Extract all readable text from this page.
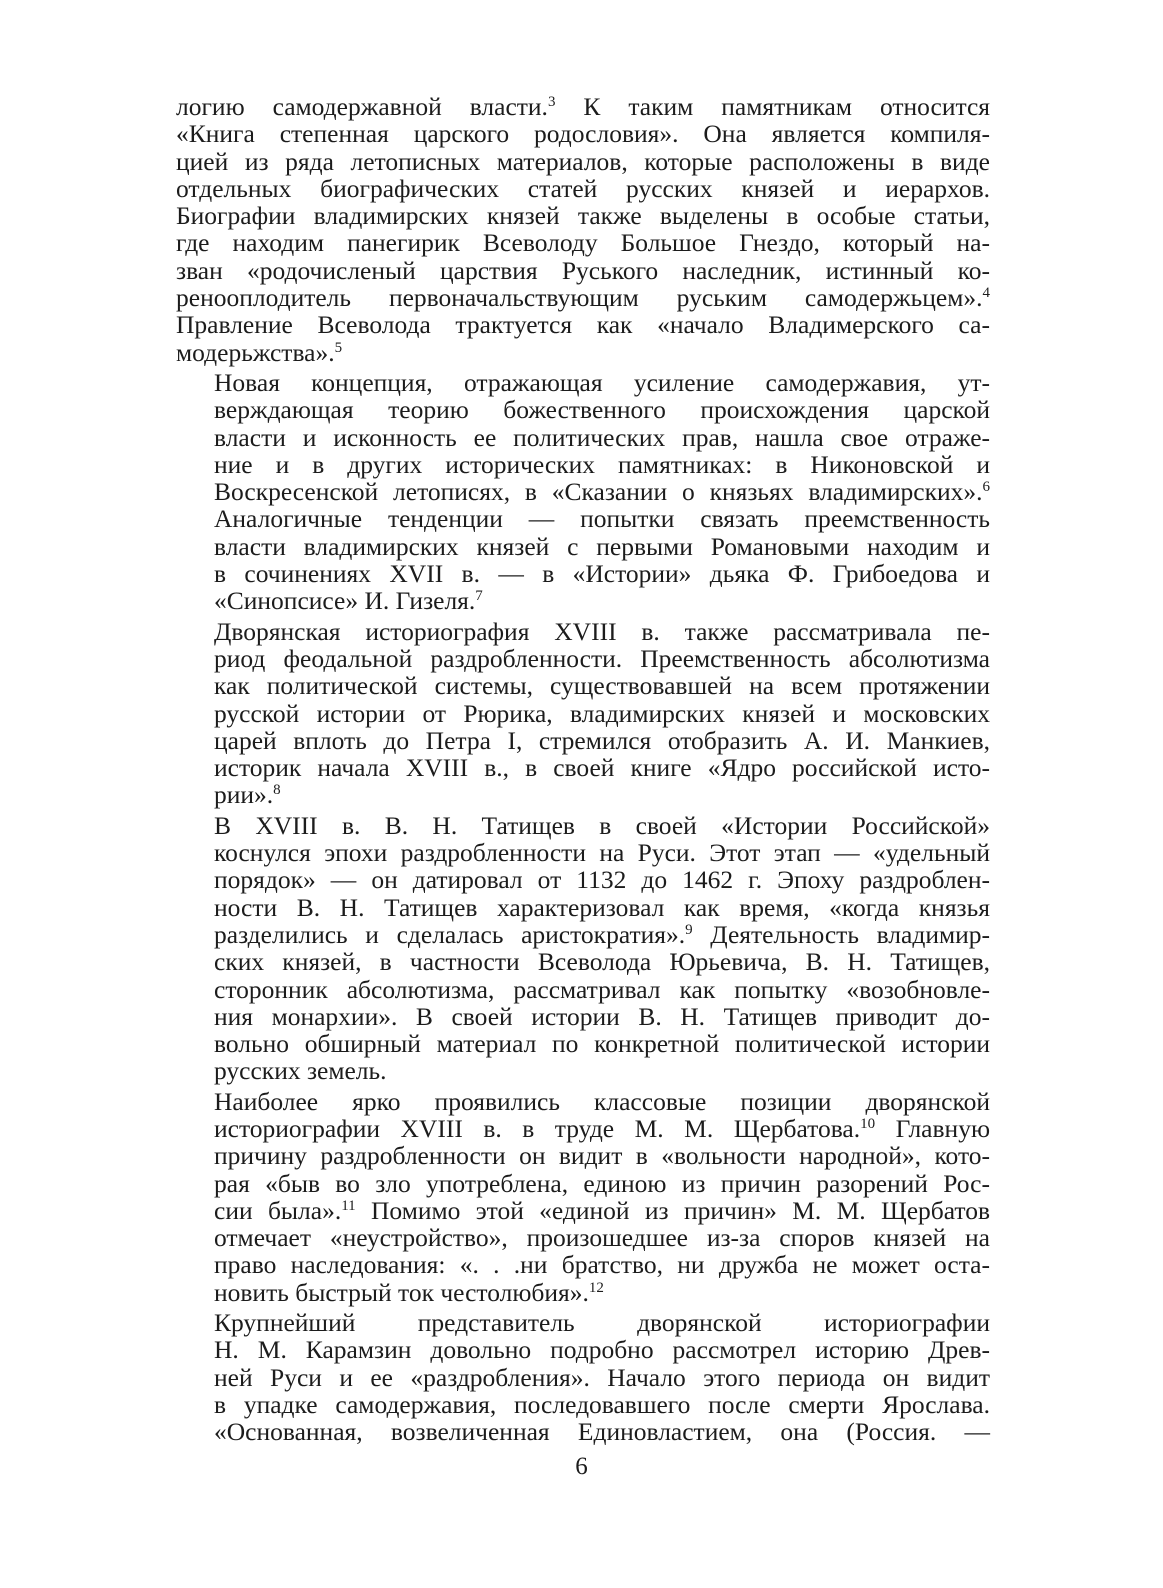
логию самодержавной власти.$^3$ К таким памятникам относится
«Книга степенная царского родословия». Она является компиля-
цией из ряда летописных материалов, которые расположены в виде
отдельных биографических статей русских князей и иерархов.
Биографии владимирских князей также выделены в особые статьи,
где находим панегирик Всеволоду Большое Гнездо, который на-
зван «родочисленый царствия Руського наследник, истинный ко-
ренооплодитель первоначальствующим руським самодержьцем».$^4$
Правление Всеволода трактуется как «начало Владимерского са-
модерьжства».$^5$

Новая концепция, отражающая усиление самодержавия, ут-
верждающая теорию божественного происхождения царской
власти и исконность ее политических прав, нашла свое отраже-
ние и в других исторических памятниках: в Никоновской и
Воскресенской летописях, в «Сказании о князьях владимирских».$^6$
Аналогичные тенденции — попытки связать преемственность
власти владимирских князей с первыми Романовыми находим и
в сочинениях XVII в. — в «Истории» дьяка Ф. Грибоедова и
«Синопсисе» И. Гизеля.$^7$

Дворянская историография XVIII в. также рассматривала пе-
риод феодальной раздробленности. Преемственность абсолютизма
как политической системы, существовавшей на всем протяжении
русской истории от Рюрика, владимирских князей и московских
царей вплоть до Петра I, стремился отобразить А. И. Манкиев,
историк начала XVIII в., в своей книге «Ядро российской исто-
рии».$^8$

В XVIII в. В. Н. Татищев в своей «Истории Российской»
коснулся эпохи раздробленности на Руси. Этот этап — «удельный
порядок» — он датировал от 1132 до 1462 г. Эпоху раздроблен-
ности В. Н. Татищев характеризовал как время, «когда князья
разделились и сделалась аристократия».$^9$ Деятельность владимир-
ских князей, в частности Всеволода Юрьевича, В. Н. Татищев,
сторонник абсолютизма, рассматривал как попытку «возобновле-
ния монархии». В своей истории В. Н. Татищев приводит до-
вольно обширный материал по конкретной политической истории
русских земель.

Наиболее ярко проявились классовые позиции дворянской
историографии XVIII в. в труде М. М. Щербатова.$^{10}$ Главную
причину раздробленности он видит в «вольности народной», кото-
рая «быв во зло употреблена, единою из причин разорений Рос-
сии была».$^{11}$ Помимо этой «единой из причин» М. М. Щербатов
отмечает «неустройство», произошедшее из-за споров князей на
право наследования: «. . .ни братство, ни дружба не может оста-
новить быстрый ток честолюбия».$^{12}$

Крупнейший представитель дворянской историографии
Н. М. Карамзин довольно подробно рассмотрел историю Древ-
ней Руси и ее «раздробления». Начало этого периода он видит
в упадке самодержавия, последовавшего после смерти Ярослава.
«Основанная, возвеличенная Единовластием, она (Россия. —

6
